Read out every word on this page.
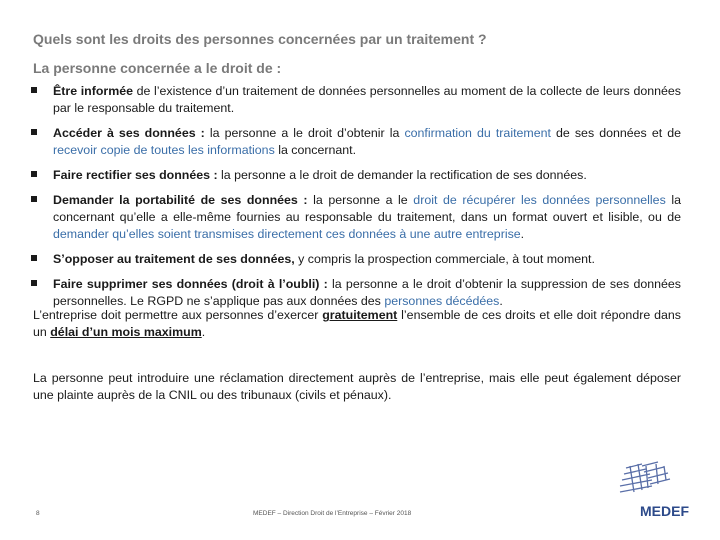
Quels sont les droits des personnes concernées par un traitement ?
La personne concernée a le droit de :
Être informée de l’existence d’un traitement de données personnelles au moment de la collecte de leurs données par le responsable du traitement.
Accéder à ses données : la personne a le droit d’obtenir la confirmation du traitement de ses données et de recevoir copie de toutes les informations la concernant.
Faire rectifier ses données : la personne a le droit de demander la rectification de ses données.
Demander la portabilité de ses données : la personne a le droit de récupérer les données personnelles la concernant qu’elle a elle-même fournies au responsable du traitement, dans un format ouvert et lisible, ou de demander qu’elles soient transmises directement ces données à une autre entreprise.
S’opposer au traitement de ses données, y compris la prospection commerciale, à tout moment.
Faire supprimer ses données (droit à l’oubli) : la personne a le droit d’obtenir la suppression de ses données personnelles. Le RGPD ne s’applique pas aux données des personnes décédées.

L’entreprise doit permettre aux personnes d’exercer gratuitement l’ensemble de ces droits et elle doit répondre dans un délai d’un mois maximum.

La personne peut introduire une réclamation directement auprès de l’entreprise, mais elle peut également déposer une plainte auprès de la CNIL ou des tribunaux (civils et pénaux).

MEDEF
8	MEDEF – Direction Droit de l’Entreprise – Février 2018
